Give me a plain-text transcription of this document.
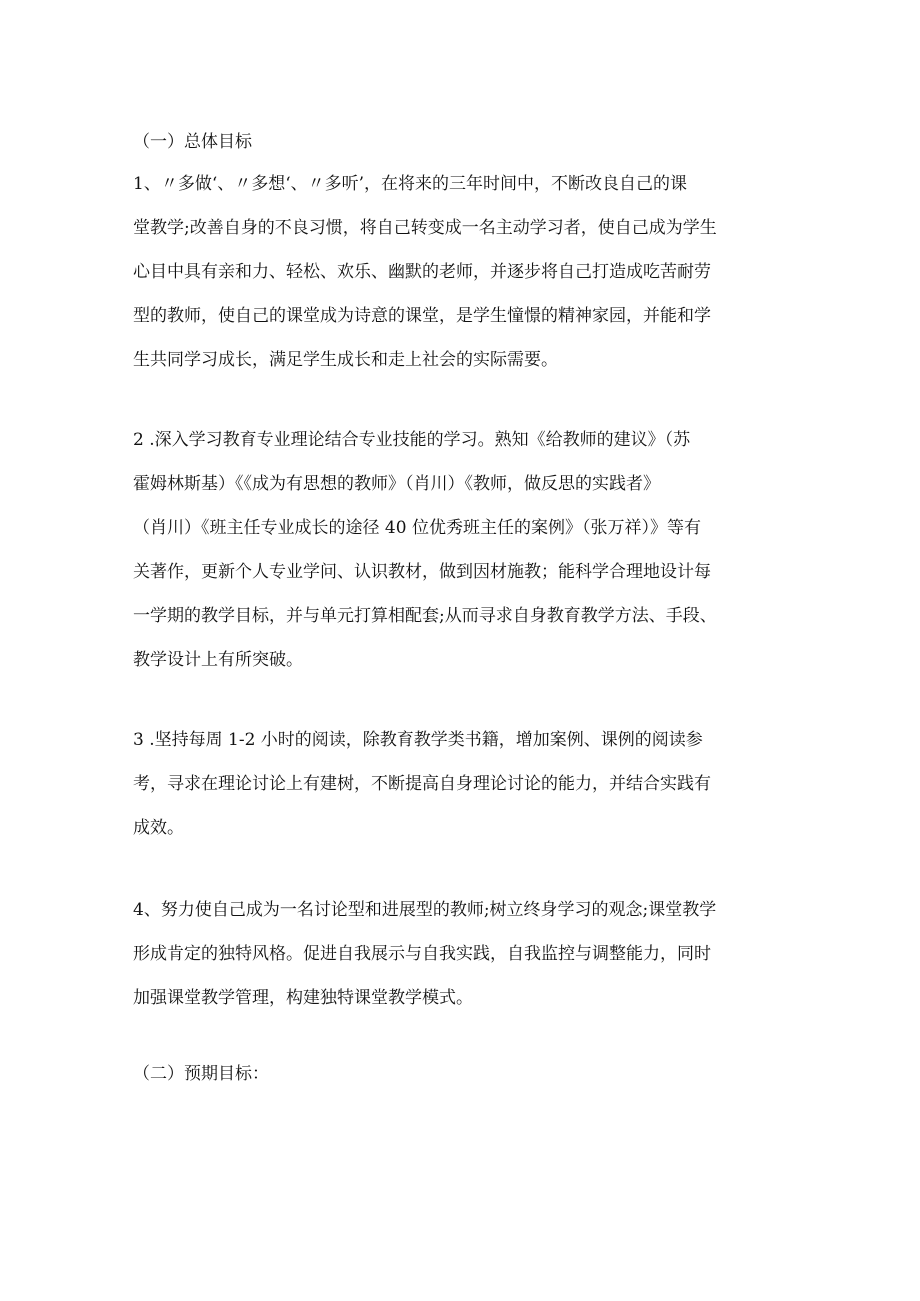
（一）总体目标
1、〃多做‘、〃多想‘、〃多听’，在将来的三年时间中，不断改良自己的课
堂教学;改善自身的不良习惯，将自己转变成一名主动学习者，使自己成为学生
心目中具有亲和力、轻松、欢乐、幽默的老师，并逐步将自己打造成吃苦耐劳
型的教师，使自己的课堂成为诗意的课堂，是学生憧憬的精神家园，并能和学
生共同学习成长，满足学生成长和走上社会的实际需要。
2 .深入学习教育专业理论结合专业技能的学习。熟知《给教师的建议》（苏
霍姆林斯基）《《成为有思想的教师》（肖川）《教师，做反思的实践者》
（肖川）《班主任专业成长的途径 40 位优秀班主任的案例》（张万祥）》等有
关著作，更新个人专业学问、认识教材，做到因材施教；能科学合理地设计每
一学期的教学目标，并与单元打算相配套;从而寻求自身教育教学方法、手段、
教学设计上有所突破。
3 .坚持每周 1-2 小时的阅读，除教育教学类书籍，增加案例、课例的阅读参
考，寻求在理论讨论上有建树，不断提高自身理论讨论的能力，并结合实践有
成效。
4、努力使自己成为一名讨论型和进展型的教师;树立终身学习的观念;课堂教学
形成肯定的独特风格。促进自我展示与自我实践，自我监控与调整能力，同时
加强课堂教学管理，构建独特课堂教学模式。
（二）预期目标：
